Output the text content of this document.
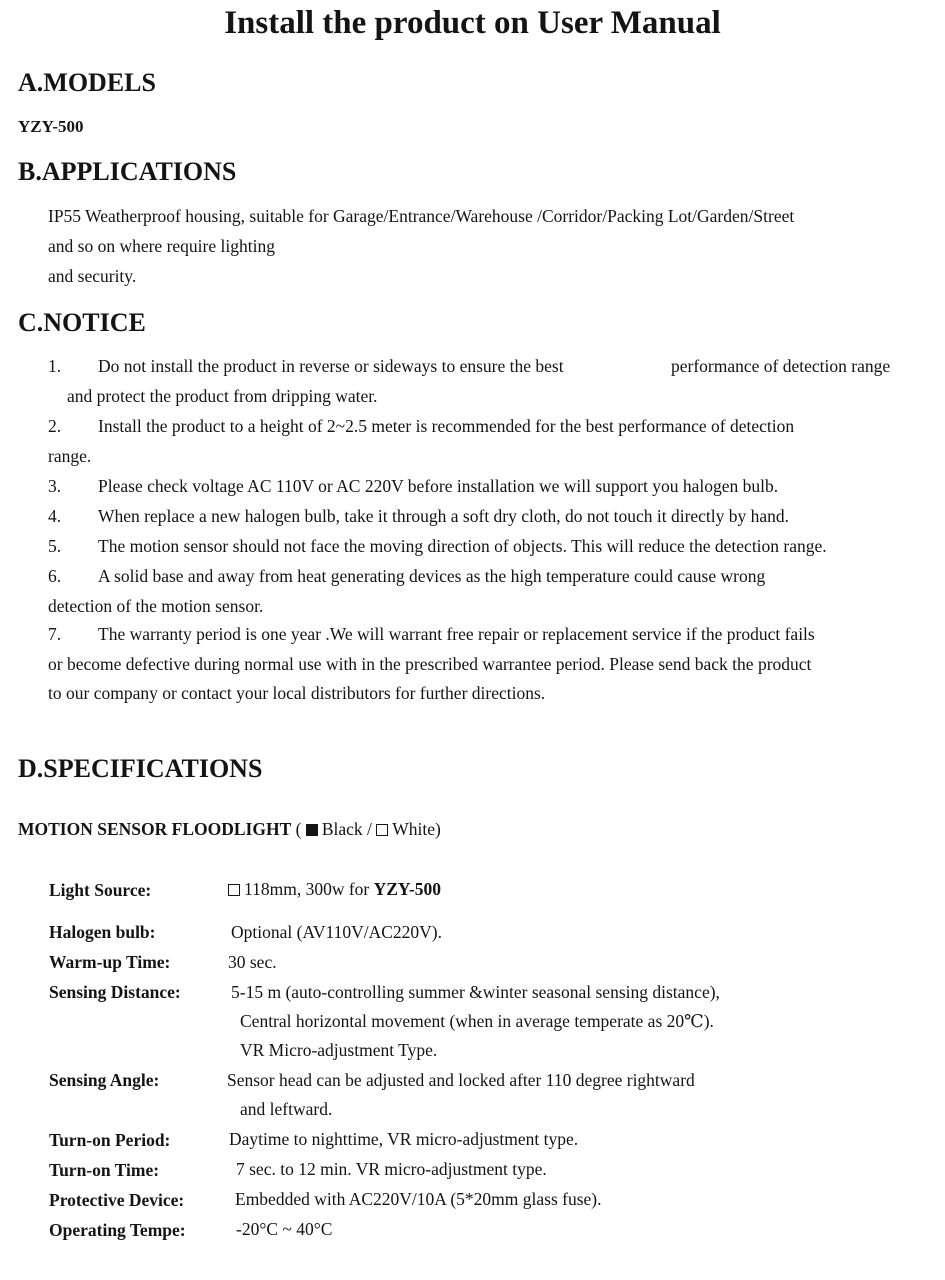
Install the product on User Manual
A.MODELS
YZY-500
B.APPLICATIONS
IP55 Weatherproof housing, suitable for Garage/Entrance/Warehouse /Corridor/Packing Lot/Garden/Street
and so on where require lighting
and security.
C.NOTICE
1. Do not install the product in reverse or sideways to ensure the best	performance of detection range
and protect the product from dripping water.
2. Install the product to a height of 2~2.5 meter is recommended for the best performance of detection
range.
3. Please check voltage AC 110V or AC 220V before installation we will support you halogen bulb.
4. When replace a new halogen bulb, take it through a soft dry cloth, do not touch it directly by hand.
5. The motion sensor should not face the moving direction of objects. This will reduce the detection range.
6. A solid base and away from heat generating devices as the high temperature could cause wrong
detection of the motion sensor.
7. The warranty period is one year .We will warrant free repair or replacement service if the product fails
or become defective during normal use with in the prescribed warrantee period. Please send back the product
to our company or contact your local distributors for further directions.
D.SPECIFICATIONS
MOTION SENSOR FLOODLIGHT ( Black / White)
Light Source:	118mm, 300w for YZY-500
Halogen bulb:	Optional (AV110V/AC220V).
Warm-up Time:	30 sec.
Sensing Distance:	5-15 m (auto-controlling summer &winter seasonal sensing distance),
Central horizontal movement (when in average temperate as 20℃).
VR Micro-adjustment Type.
Sensing Angle:	Sensor head can be adjusted and locked after 110 degree rightward
and leftward.
Turn-on Period:	Daytime to nighttime, VR micro-adjustment type.
Turn-on Time:	7 sec. to 12 min. VR micro-adjustment type.
Protective Device:	Embedded with AC220V/10A (5*20mm glass fuse).
Operating Tempe:	-20°C ~ 40°C
